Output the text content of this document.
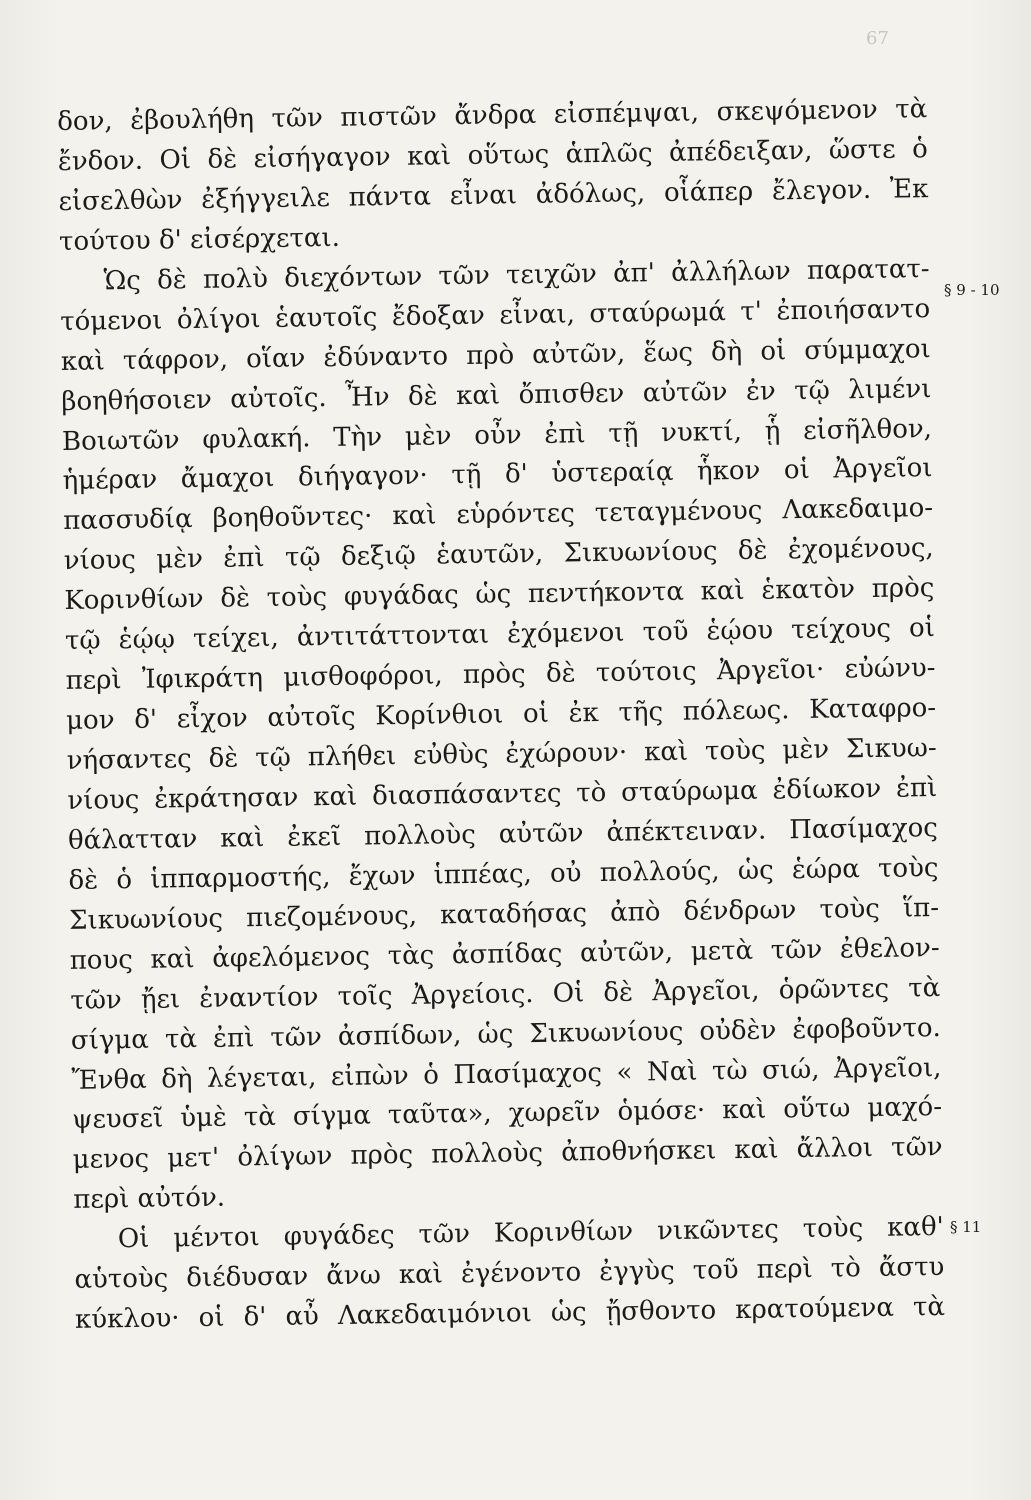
67
δον, ἐβουλήθη τῶν πιστῶν ἄνδρα εἰσπέμψαι, σκεψόμενον τὰ
ἔνδον. Οἱ δὲ εἰσήγαγον καὶ οὕτως ἁπλῶς ἀπέδειξαν, ὥστε ὁ
εἰσελθὼν ἐξήγγειλε πάντα εἶναι ἀδόλως, οἷάπερ ἔλεγον. Ἐκ
τούτου δ' εἰσέρχεται.
Ὡς δὲ πολὺ διεχόντων τῶν τειχῶν ἀπ' ἀλλήλων παρατατ-
τόμενοι ὀλίγοι ἑαυτοῖς ἔδοξαν εἶναι, σταύρωμά τ' ἐποιήσαντο
καὶ τάφρον, οἵαν ἐδύναντο πρὸ αὐτῶν, ἕως δὴ οἱ σύμμαχοι
βοηθήσοιεν αὐτοῖς. Ἦν δὲ καὶ ὄπισθεν αὐτῶν ἐν τῷ λιμένι
Βοιωτῶν φυλακή. Τὴν μὲν οὖν ἐπὶ τῇ νυκτί, ᾗ εἰσῆλθον,
ἡμέραν ἄμαχοι διήγαγον· τῇ δ' ὑστεραίᾳ ἧκον οἱ Ἀργεῖοι
πασσυδίᾳ βοηθοῦντες· καὶ εὑρόντες τεταγμένους Λακεδαιμο-
νίους μὲν ἐπὶ τῷ δεξιῷ ἑαυτῶν, Σικυωνίους δὲ ἐχομένους,
Κορινθίων δὲ τοὺς φυγάδας ὡς πεντήκοντα καὶ ἑκατὸν πρὸς
τῷ ἑῴῳ τείχει, ἀντιτάττονται ἐχόμενοι τοῦ ἑῴου τείχους οἱ
περὶ Ἰφικράτη μισθοφόροι, πρὸς δὲ τούτοις Ἀργεῖοι· εὐώνυ-
μον δ' εἶχον αὐτοῖς Κορίνθιοι οἱ ἐκ τῆς πόλεως. Καταφρο-
νήσαντες δὲ τῷ πλήθει εὐθὺς ἐχώρουν· καὶ τοὺς μὲν Σικυω-
νίους ἐκράτησαν καὶ διασπάσαντες τὸ σταύρωμα ἐδίωκον ἐπὶ
θάλατταν καὶ ἐκεῖ πολλοὺς αὐτῶν ἀπέκτειναν. Πασίμαχος
δὲ ὁ ἱππαρμοστής, ἔχων ἱππέας, οὐ πολλούς, ὡς ἑώρα τοὺς
Σικυωνίους πιεζομένους, καταδήσας ἀπὸ δένδρων τοὺς ἵπ-
πους καὶ ἀφελόμενος τὰς ἀσπίδας αὐτῶν, μετὰ τῶν ἐθελον-
τῶν ᾔει ἐναντίον τοῖς Ἀργείοις. Οἱ δὲ Ἀργεῖοι, ὁρῶντες τὰ
σίγμα τὰ ἐπὶ τῶν ἀσπίδων, ὡς Σικυωνίους οὐδὲν ἐφοβοῦντο.
Ἔνθα δὴ λέγεται, εἰπὼν ὁ Πασίμαχος « Ναὶ τὼ σιώ, Ἀργεῖοι,
ψευσεῖ ὑμὲ τὰ σίγμα ταῦτα», χωρεῖν ὁμόσε· καὶ οὕτω μαχό-
μενος μετ' ὀλίγων πρὸς πολλοὺς ἀποθνήσκει καὶ ἄλλοι τῶν
περὶ αὐτόν.
Οἱ μέντοι φυγάδες τῶν Κορινθίων νικῶντες τοὺς καθ'
αὑτοὺς διέδυσαν ἄνω καὶ ἐγένοντο ἐγγὺς τοῦ περὶ τὸ ἄστυ
κύκλου· οἱ δ' αὖ Λακεδαιμόνιοι ὡς ᾔσθοντο κρατούμενα τὰ
§ 9 - 10
§ 11
